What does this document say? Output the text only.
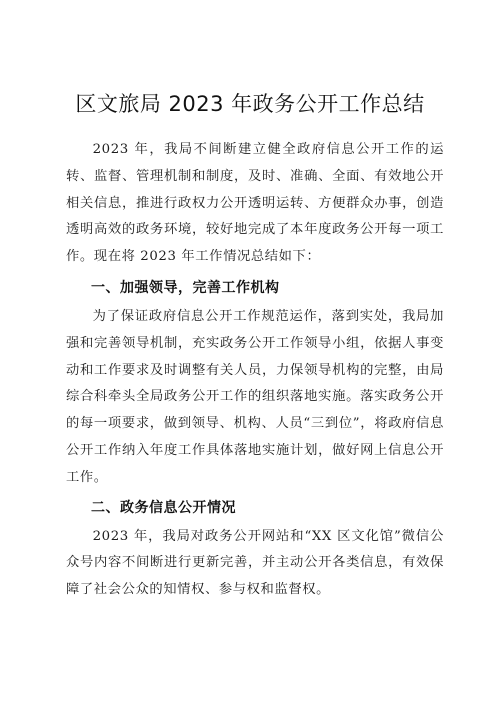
区文旅局 2023 年政务公开工作总结

2023 年，我局不间断建立健全政府信息公开工作的运转、监督、管理机制和制度，及时、准确、全面、有效地公开相关信息，推进行政权力公开透明运转、方便群众办事，创造透明高效的政务环境，较好地完成了本年度政务公开每一项工作。现在将 2023 年工作情况总结如下：

一、加强领导，完善工作机构

为了保证政府信息公开工作规范运作，落到实处，我局加强和完善领导机制，充实政务公开工作领导小组，依据人事变动和工作要求及时调整有关人员，力保领导机构的完整，由局综合科牵头全局政务公开工作的组织落地实施。落实政务公开的每一项要求，做到领导、机构、人员“三到位”，将政府信息公开工作纳入年度工作具体落地实施计划，做好网上信息公开工作。

二、政务信息公开情况

2023 年，我局对政务公开网站和“XX 区文化馆”微信公众号内容不间断进行更新完善，并主动公开各类信息，有效保障了社会公众的知情权、参与权和监督权。
